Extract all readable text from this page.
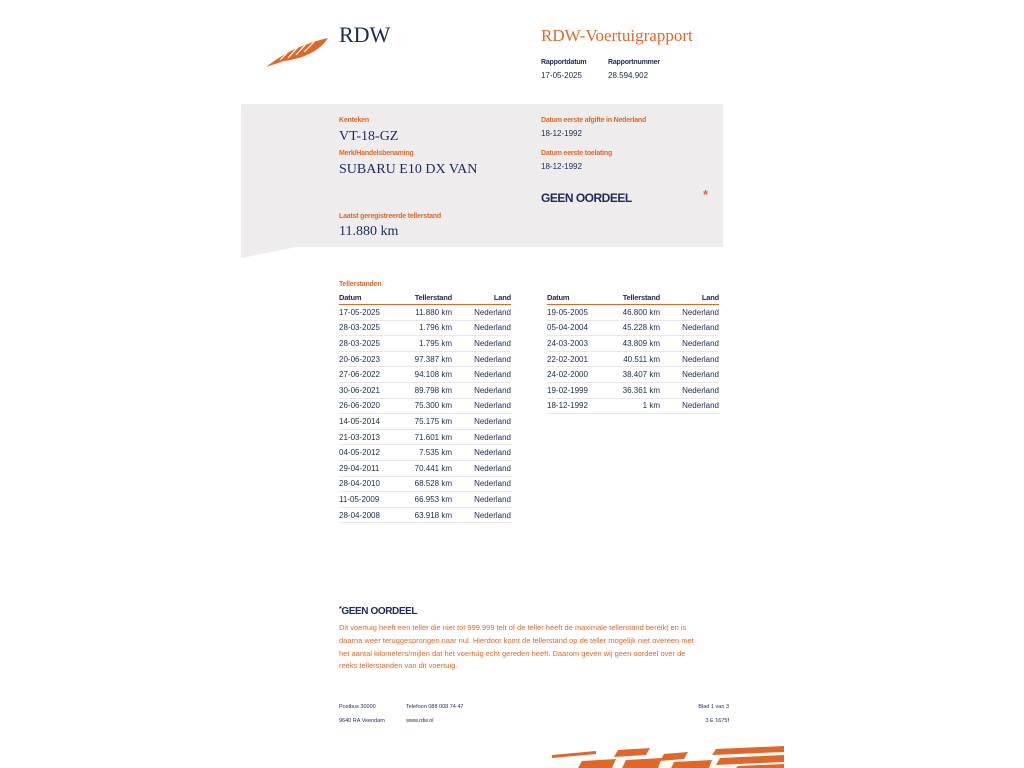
RDW	RDW-Voertuigrapport
Rapportdatum
17-05-2025
Rapportnummer
28.594.902
Kenteken
VT-18-GZ
Merk/Handelsbenaming
SUBARU E10 DX VAN
Laatst geregistreerde tellerstand
11.880 km
Datum eerste afgifte in Nederland
18-12-1992
Datum eerste toelating
18-12-1992
GEEN OORDEEL	*
Tellerstanden
Datum	Tellerstand	Land
17-05-2025	11.880 km	Nederland
28-03-2025	1.796 km	Nederland
28-03-2025	1.795 km	Nederland
20-06-2023	97.387 km	Nederland
27-06-2022	94.108 km	Nederland
30-06-2021	89.798 km	Nederland
26-06-2020	75.300 km	Nederland
14-05-2014	75.175 km	Nederland
21-03-2013	71.601 km	Nederland
04-05-2012	7.535 km	Nederland
29-04-2011	70.441 km	Nederland
28-04-2010	68.528 km	Nederland
11-05-2009	66.953 km	Nederland
28-04-2008	63.918 km	Nederland
Datum	Tellerstand	Land
19-05-2005	46.800 km	Nederland
05-04-2004	45.228 km	Nederland
24-03-2003	43.809 km	Nederland
22-02-2001	40.511 km	Nederland
24-02-2000	38.407 km	Nederland
19-02-1999	36.361 km	Nederland
18-12-1992	1 km	Nederland
*GEEN OORDEEL
Dit voertuig heeft een teller die niet tot 999.999 telt of de teller heeft de maximale tellerstand bereikt en is
daarna weer teruggesprongen naar nul. Hierdoor komt de tellerstand op de teller mogelijk niet overeen met
het aantal kilometers/mijlen dat het voertuig echt gereden heeft. Daarom geven wij geen oordeel over de
reeks tellerstanden van dit voertuig.
Postbus 30000
9640 RA Veendam
Telefoon 088 008 74 47
www.rdw.nl
Blad 1 van 3
3 E 1675f
